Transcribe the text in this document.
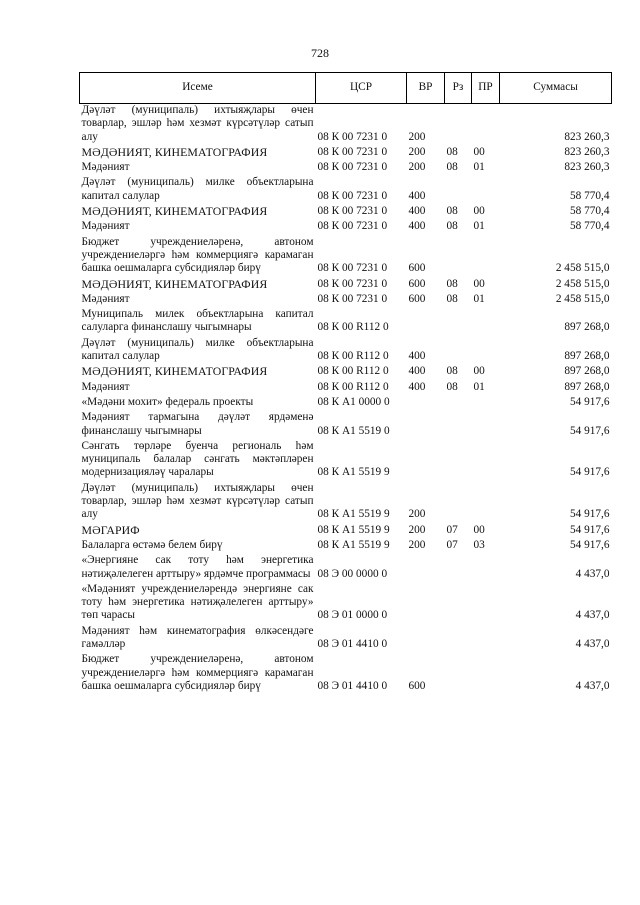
728
Исеме	ЦСР	ВР	Рз	ПР	Суммасы
Дәүләт (муниципаль) ихтыяҗлары өчен товарлар, эшләр һәм хезмәт күрсәтүләр сатып алу	08 К 00 7231 0	200			823 260,3
МӘДӘНИЯТ, КИНЕМАТОГРАФИЯ	08 К 00 7231 0	200	08	00	823 260,3
Мәдәният	08 К 00 7231 0	200	08	01	823 260,3
Дәүләт (муниципаль) милке объектларына капитал салулар	08 К 00 7231 0	400			58 770,4
МӘДӘНИЯТ, КИНЕМАТОГРАФИЯ	08 К 00 7231 0	400	08	00	58 770,4
Мәдәният	08 К 00 7231 0	400	08	01	58 770,4
Бюджет учреждениеләренә, автоном учреждениеләргә һәм коммерциягә карамаган башка оешмаларга субсидияләр бирү	08 К 00 7231 0	600			2 458 515,0
МӘДӘНИЯТ, КИНЕМАТОГРАФИЯ	08 К 00 7231 0	600	08	00	2 458 515,0
Мәдәният	08 К 00 7231 0	600	08	01	2 458 515,0
Муниципаль милек объектларына капитал салуларга финанслашу чыгымнары	08 К 00 R112 0				897 268,0
Дәүләт (муниципаль) милке объектларына капитал салулар	08 К 00 R112 0	400			897 268,0
МӘДӘНИЯТ, КИНЕМАТОГРАФИЯ	08 К 00 R112 0	400	08	00	897 268,0
Мәдәният	08 К 00 R112 0	400	08	01	897 268,0
«Мәдәни мохит» федераль проекты	08 К А1 0000 0				54 917,6
Мәдәният тармагына дәүләт ярдәменә финанслашу чыгымнары	08 К А1 5519 0				54 917,6
Сәнгать төрләре буенча региональ һәм муниципаль балалар сәнгать мәктәпләрен модернизацияләү чаралары	08 К А1 5519 9				54 917,6
Дәүләт (муниципаль) ихтыяҗлары өчен товарлар, эшләр һәм хезмәт күрсәтүләр сатып алу	08 К А1 5519 9	200			54 917,6
МӘГАРИФ	08 К А1 5519 9	200	07	00	54 917,6
Балаларга өстәмә белем бирү	08 К А1 5519 9	200	07	03	54 917,6
«Энергияне сак тоту һәм энергетика нәтиҗәлелеген арттыру» ярдәмче программасы	08 Э 00 0000 0				4 437,0
«Мәдәният учреждениеләрендә энергияне сак тоту һәм энергетика нәтиҗәлелеген арттыру» төп чарасы	08 Э 01 0000 0				4 437,0
Мәдәният һәм кинематография өлкәсендәге гамәлләр	08 Э 01 4410 0				4 437,0
Бюджет учреждениеләренә, автоном учреждениеләргә һәм коммерциягә карамаган башка оешмаларга субсидияләр бирү	08 Э 01 4410 0	600			4 437,0
